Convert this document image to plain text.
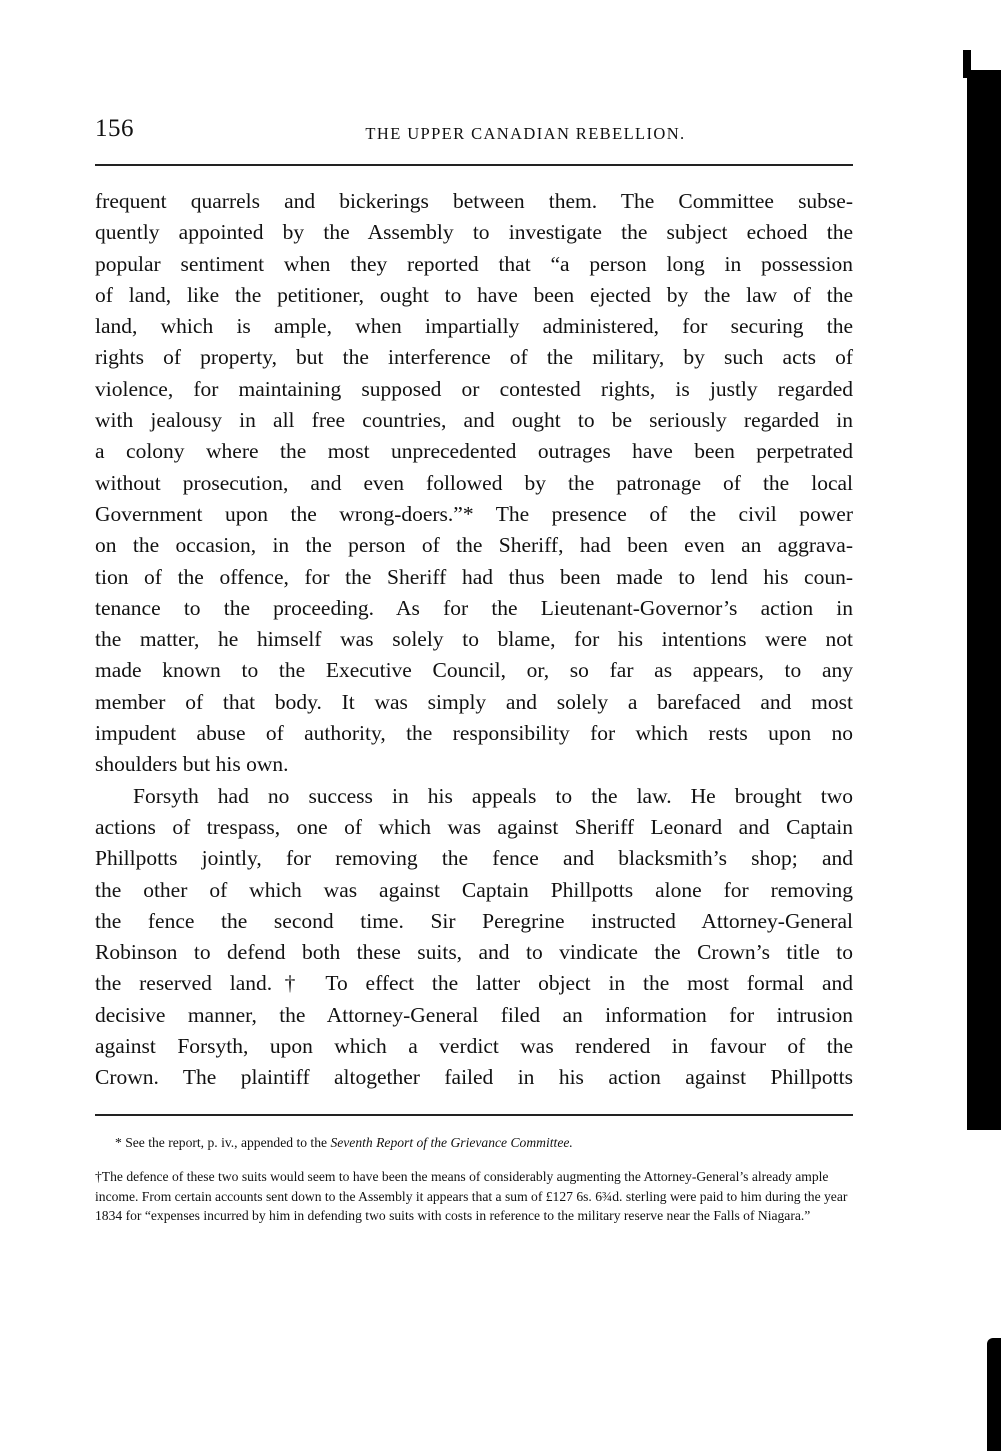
156	THE UPPER CANADIAN REBELLION.
frequent quarrels and bickerings between them. The Committee subse-
quently appointed by the Assembly to investigate the subject echoed the
popular sentiment when they reported that “a person long in possession
of land, like the petitioner, ought to have been ejected by the law of the
land, which is ample, when impartially administered, for securing the
rights of property, but the interference of the military, by such acts of
violence, for maintaining supposed or contested rights, is justly regarded
with jealousy in all free countries, and ought to be seriously regarded in
a colony where the most unprecedented outrages have been perpetrated
without prosecution, and even followed by the patronage of the local
Government upon the wrong-doers.”* The presence of the civil power
on the occasion, in the person of the Sheriff, had been even an aggrava-
tion of the offence, for the Sheriff had thus been made to lend his coun-
tenance to the proceeding. As for the Lieutenant-Governor’s action in
the matter, he himself was solely to blame, for his intentions were not
made known to the Executive Council, or, so far as appears, to any
member of that body. It was simply and solely a barefaced and most
impudent abuse of authority, the responsibility for which rests upon no
shoulders but his own.
Forsyth had no success in his appeals to the law. He brought two
actions of trespass, one of which was against Sheriff Leonard and Captain
Phillpotts jointly, for removing the fence and blacksmith’s shop; and
the other of which was against Captain Phillpotts alone for removing
the fence the second time. Sir Peregrine instructed Attorney-General
Robinson to defend both these suits, and to vindicate the Crown’s title to
the reserved land.† To effect the latter object in the most formal and
decisive manner, the Attorney-General filed an information for intrusion
against Forsyth, upon which a verdict was rendered in favour of the
Crown. The plaintiff altogether failed in his action against Phillpotts
* See the report, p. iv., appended to the Seventh Report of the Grievance Committee.
†The defence of these two suits would seem to have been the means of considerably augmenting the Attorney-General’s already ample income. From certain accounts sent down to the Assembly it appears that a sum of £127 6s. 6¾d. sterling were paid to him during the year 1834 for “expenses incurred by him in defending two suits with costs in reference to the military reserve near the Falls of Niagara.”
